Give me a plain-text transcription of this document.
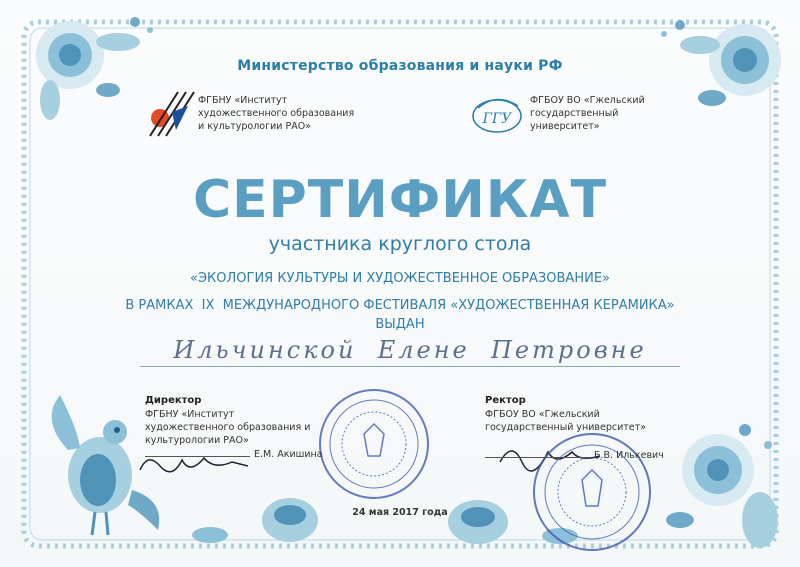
ГГУ
Министерство образования и науки РФ
ФГБНУ «Институт художественного образования и культурологии РАО»
ФГБОУ ВО «Гжельский государственный университет»
СЕРТИФИКАТ
участника круглого стола
«ЭКОЛОГИЯ КУЛЬТУРЫ И ХУДОЖЕСТВЕННОЕ ОБРАЗОВАНИЕ»
В РАМКАХ  IX  МЕЖДУНАРОДНОГО ФЕСТИВАЛЯ «ХУДОЖЕСТВЕННАЯ КЕРАМИКА»
ВЫДАН
Ильчинской  Елене  Петровне
Директор
ФГБНУ «Институт художественного образования и культурологии РАО»
Е.М. Акишина
Ректор
ФГБОУ ВО «Гжельский государственный университет»
Б.В. Илькевич
24 мая 2017 года
